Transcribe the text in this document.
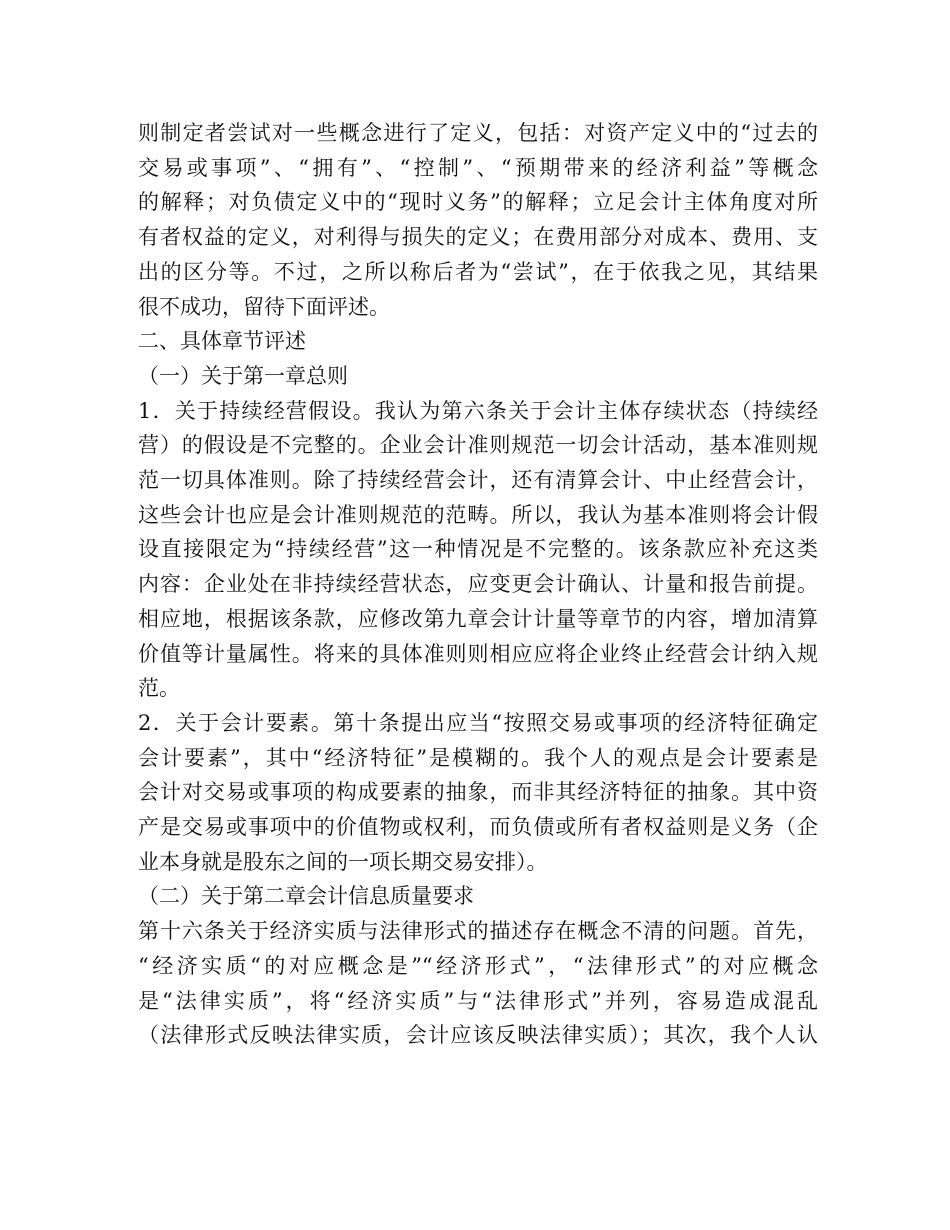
则制定者尝试对一些概念进行了定义，包括：对资产定义中的“过去的
交易或事项”、“拥有”、“控制”、“预期带来的经济利益”等概念
的解释；对负债定义中的“现时义务”的解释；立足会计主体角度对所
有者权益的定义，对利得与损失的定义；在费用部分对成本、费用、支
出的区分等。不过，之所以称后者为“尝试”，在于依我之见，其结果
很不成功，留待下面评述。
二、具体章节评述
（一）关于第一章总则
1．关于持续经营假设。我认为第六条关于会计主体存续状态（持续经
营）的假设是不完整的。企业会计准则规范一切会计活动，基本准则规
范一切具体准则。除了持续经营会计，还有清算会计、中止经营会计，
这些会计也应是会计准则规范的范畴。所以，我认为基本准则将会计假
设直接限定为“持续经营”这一种情况是不完整的。该条款应补充这类
内容：企业处在非持续经营状态，应变更会计确认、计量和报告前提。
相应地，根据该条款，应修改第九章会计计量等章节的内容，增加清算
价值等计量属性。将来的具体准则则相应应将企业终止经营会计纳入规
范。
2．关于会计要素。第十条提出应当“按照交易或事项的经济特征确定
会计要素”，其中“经济特征”是模糊的。我个人的观点是会计要素是
会计对交易或事项的构成要素的抽象，而非其经济特征的抽象。其中资
产是交易或事项中的价值物或权利，而负债或所有者权益则是义务（企
业本身就是股东之间的一项长期交易安排）。
（二）关于第二章会计信息质量要求
第十六条关于经济实质与法律形式的描述存在概念不清的问题。首先，
“经济实质“的对应概念是”“经济形式”，“法律形式”的对应概念
是“法律实质”，将“经济实质”与“法律形式”并列，容易造成混乱
（法律形式反映法律实质，会计应该反映法律实质）；其次，我个人认
